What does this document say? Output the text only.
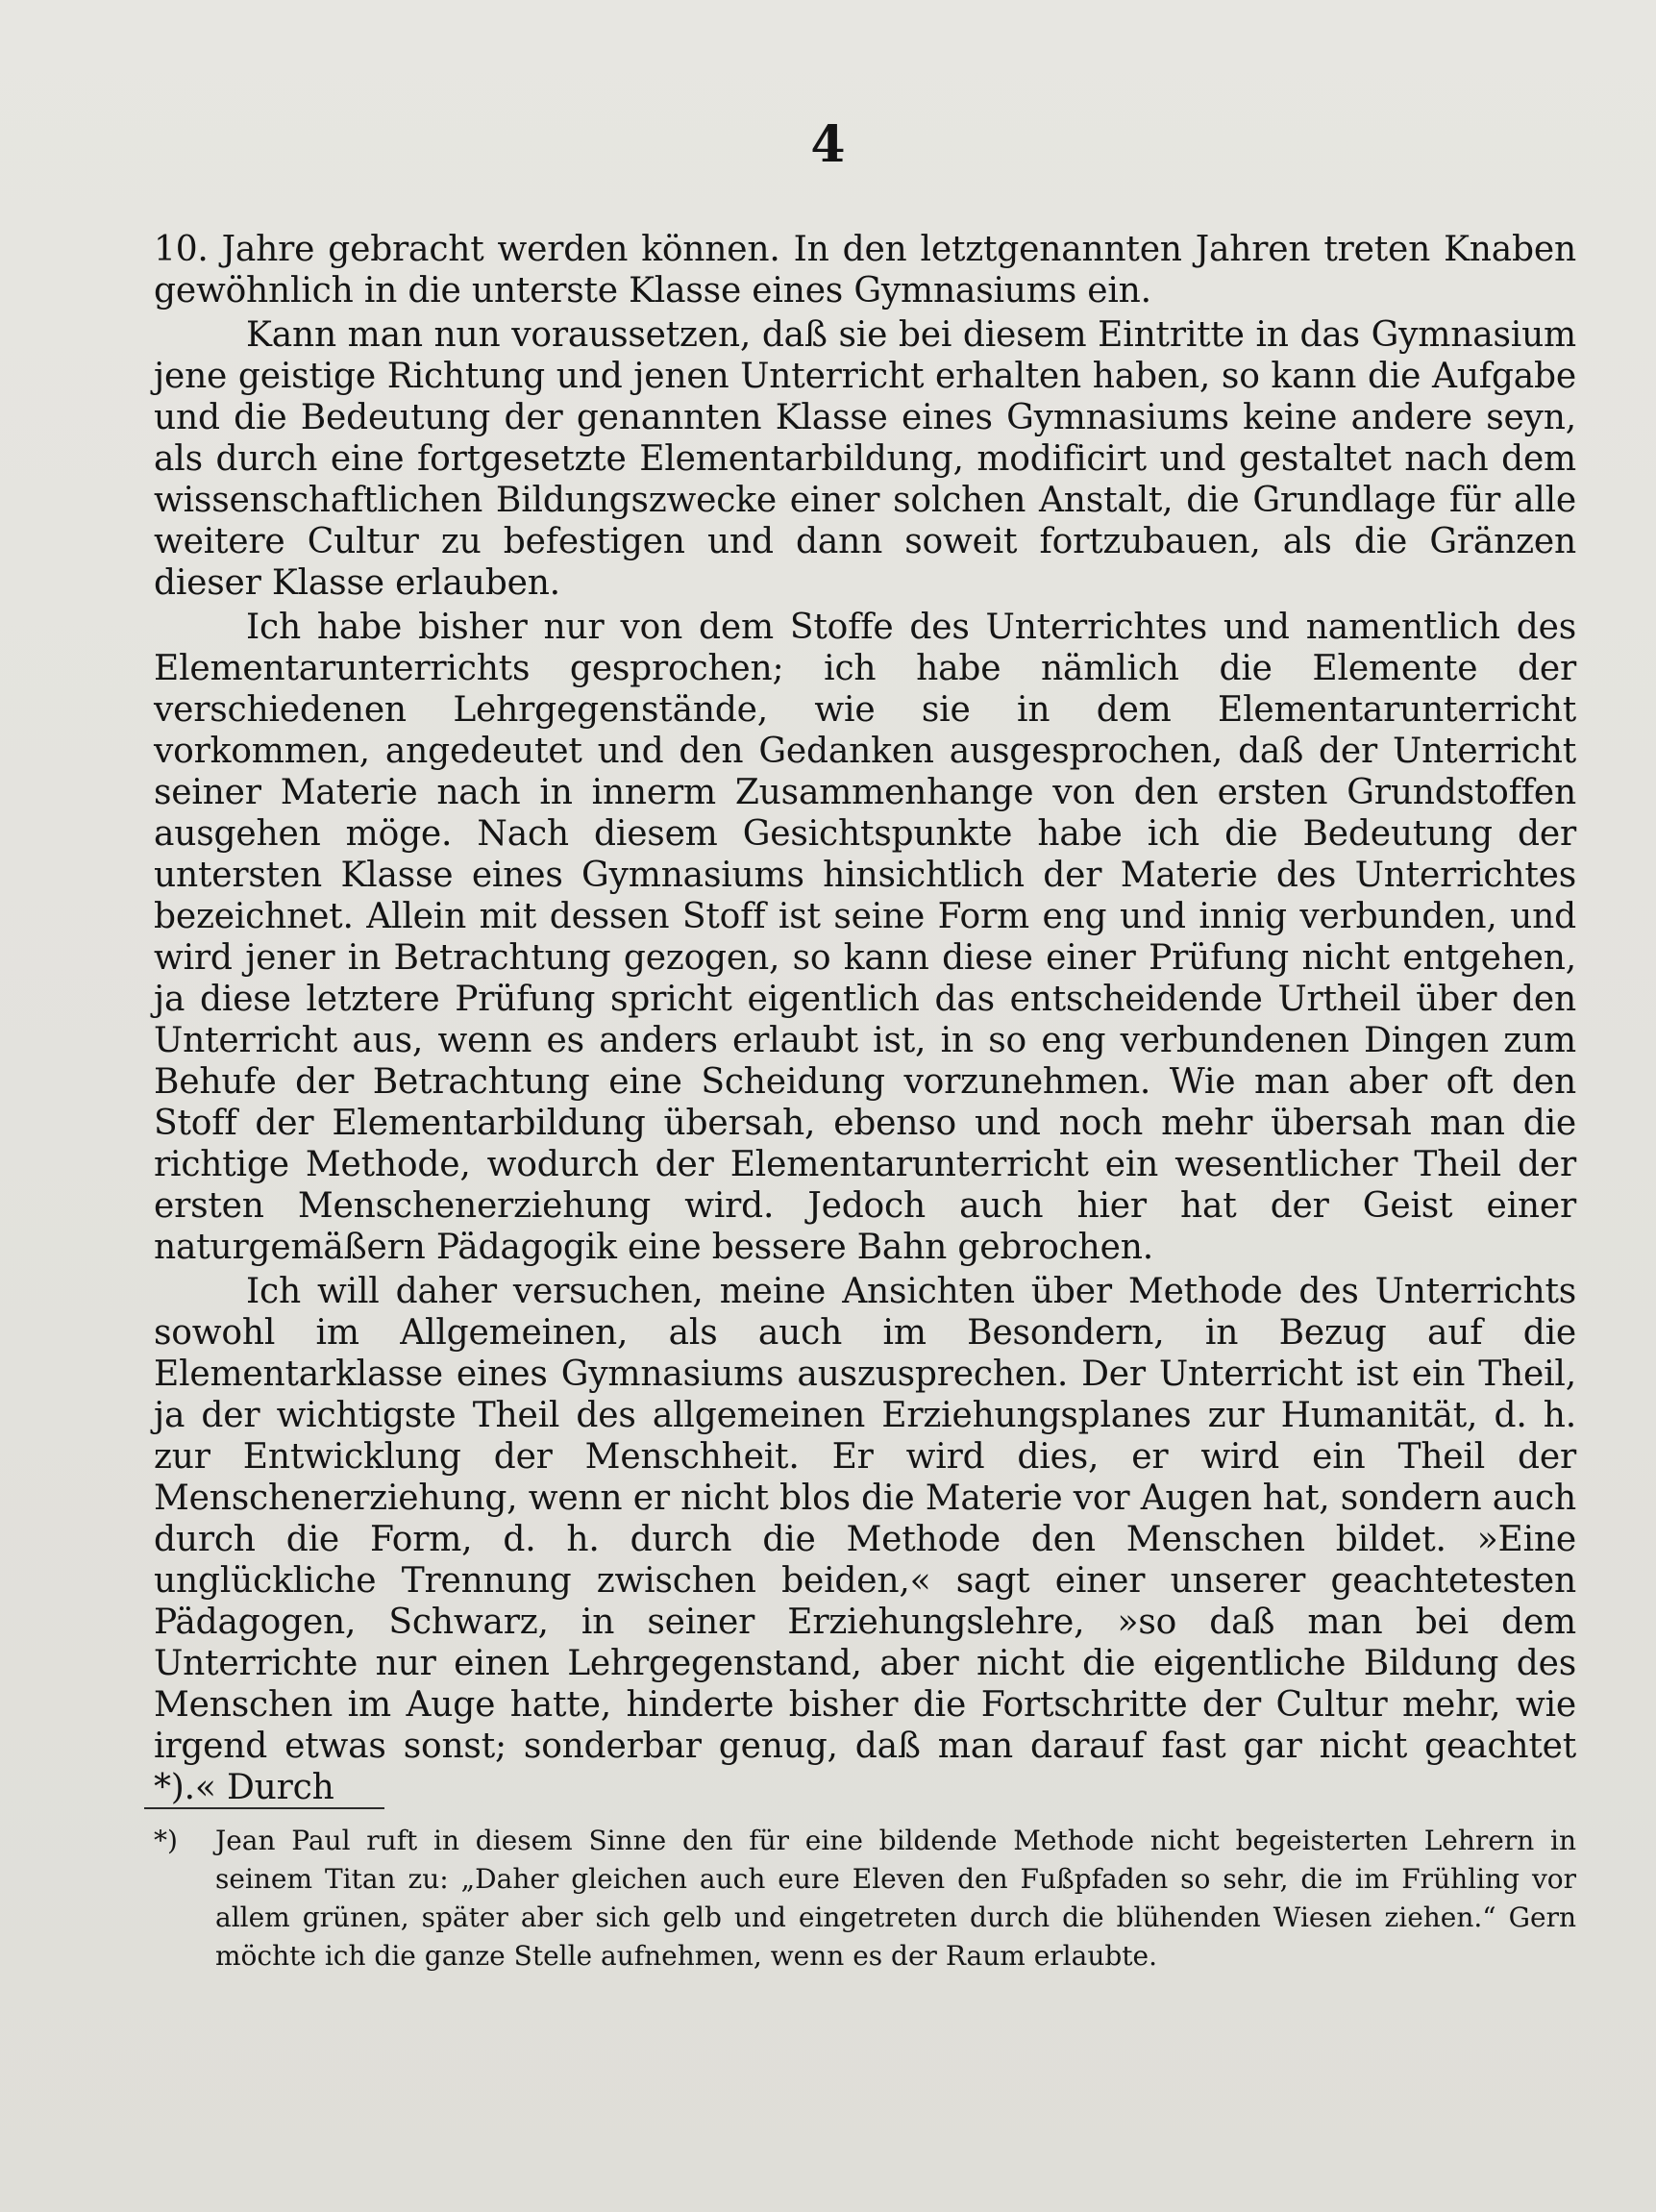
4

10. Jahre gebracht werden können. In den letztgenannten Jahren treten Knaben gewöhnlich in die unterste Klasse eines Gymnasiums ein.

Kann man nun voraussetzen, daß sie bei diesem Eintritte in das Gymnasium jene geistige Richtung und jenen Unterricht erhalten haben, so kann die Aufgabe und die Bedeutung der genannten Klasse eines Gymnasiums keine andere seyn, als durch eine fortgesetzte Elementarbildung, modificirt und gestaltet nach dem wissenschaftlichen Bildungszwecke einer solchen Anstalt, die Grundlage für alle weitere Cultur zu befestigen und dann soweit fortzubauen, als die Gränzen dieser Klasse erlauben.

Ich habe bisher nur von dem Stoffe des Unterrichtes und namentlich des Elementarunterrichts gesprochen; ich habe nämlich die Elemente der verschiedenen Lehrgegenstände, wie sie in dem Elementarunterricht vorkommen, angedeutet und den Gedanken ausgesprochen, daß der Unterricht seiner Materie nach in innerm Zusammenhange von den ersten Grundstoffen ausgehen möge. Nach diesem Gesichtspunkte habe ich die Bedeutung der untersten Klasse eines Gymnasiums hinsichtlich der Materie des Unterrichtes bezeichnet. Allein mit dessen Stoff ist seine Form eng und innig verbunden, und wird jener in Betrachtung gezogen, so kann diese einer Prüfung nicht entgehen, ja diese letztere Prüfung spricht eigentlich das entscheidende Urtheil über den Unterricht aus, wenn es anders erlaubt ist, in so eng verbundenen Dingen zum Behufe der Betrachtung eine Scheidung vorzunehmen. Wie man aber oft den Stoff der Elementarbildung übersah, ebenso und noch mehr übersah man die richtige Methode, wodurch der Elementarunterricht ein wesentlicher Theil der ersten Menschenerziehung wird. Jedoch auch hier hat der Geist einer naturgemäßern Pädagogik eine bessere Bahn gebrochen.

Ich will daher versuchen, meine Ansichten über Methode des Unterrichts sowohl im Allgemeinen, als auch im Besondern, in Bezug auf die Elementarklasse eines Gymnasiums auszusprechen. Der Unterricht ist ein Theil, ja der wichtigste Theil des allgemeinen Erziehungsplanes zur Humanität, d. h. zur Entwicklung der Menschheit. Er wird dies, er wird ein Theil der Menschenerziehung, wenn er nicht blos die Materie vor Augen hat, sondern auch durch die Form, d. h. durch die Methode den Menschen bildet. »Eine unglückliche Trennung zwischen beiden,« sagt einer unserer geachtetesten Pädagogen, Schwarz, in seiner Erziehungslehre, »so daß man bei dem Unterrichte nur einen Lehrgegenstand, aber nicht die eigentliche Bildung des Menschen im Auge hatte, hinderte bisher die Fortschritte der Cultur mehr, wie irgend etwas sonst; sonderbar genug, daß man darauf fast gar nicht geachtet *).« Durch

*) Jean Paul ruft in diesem Sinne den für eine bildende Methode nicht begeisterten Lehrern in seinem Titan zu: „Daher gleichen auch eure Eleven den Fußpfaden so sehr, die im Frühling vor allem grünen, später aber sich gelb und eingetreten durch die blühenden Wiesen ziehen.“ Gern möchte ich die ganze Stelle aufnehmen, wenn es der Raum erlaubte.
